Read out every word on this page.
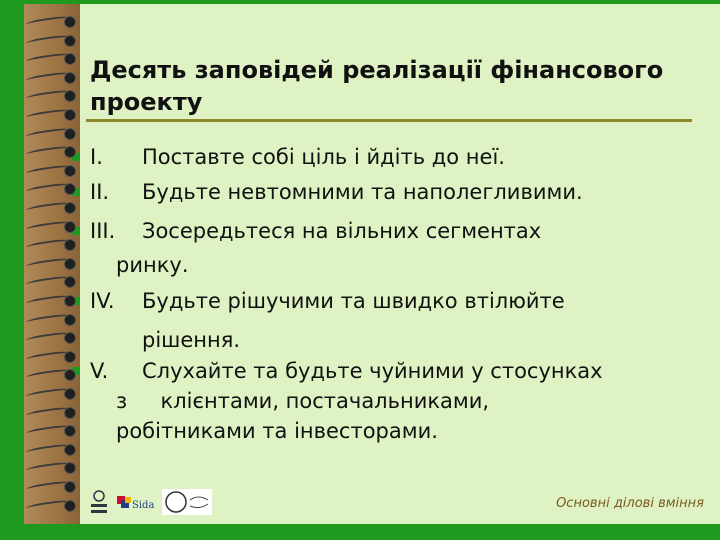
Десять заповідей реалізації фінансового проекту
I. Поставте собі ціль і йдіть до неї.
II. Будьте невтомними та наполегливими.
III. Зосередьтеся на вільних сегментах
ринку.
IV. Будьте рішучими та швидко втілюйте
рішення.
V. Слухайте та будьте чуйними у стосунках
з     клієнтами, постачальниками,
робітниками та інвесторами.
Sida	Основні ділові вміння
